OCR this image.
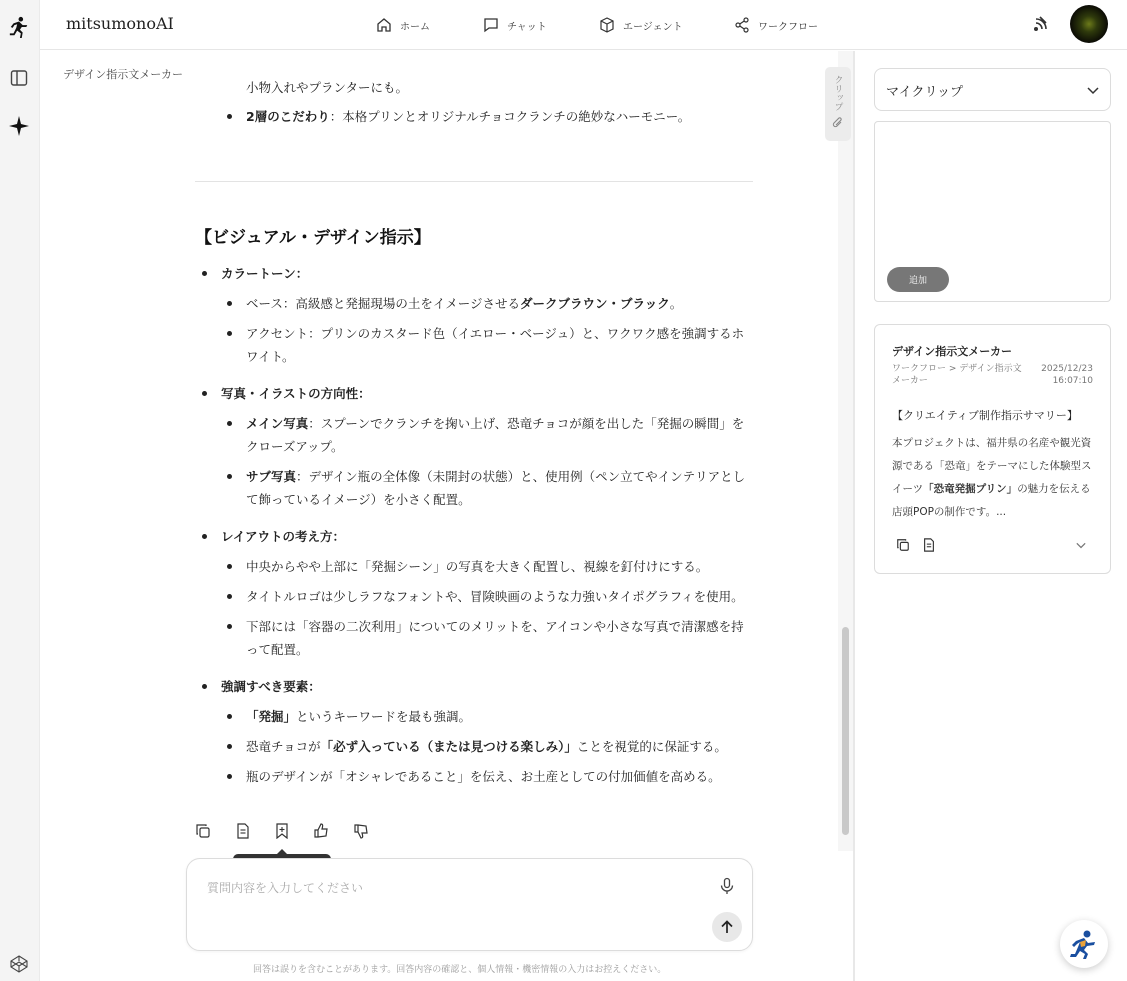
mitsumonoAI	ホーム	チャット	エージェント	ワークフロー
デザイン指示文メーカー
小物入れやプランターにも。
2層のこだわり：本格プリンとオリジナルチョコクランチの絶妙なハーモニー。
【ビジュアル・デザイン指示】
カラートーン：
ベース：高級感と発掘現場の土をイメージさせるダークブラウン・ブラック。
アクセント：プリンのカスタード色（イエロー・ベージュ）と、ワクワク感を強調するホワイト。
写真・イラストの方向性：
メイン写真：スプーンでクランチを掬い上げ、恐竜チョコが顔を出した「発掘の瞬間」をクローズアップ。
サブ写真：デザイン瓶の全体像（未開封の状態）と、使用例（ペン立てやインテリアとして飾っているイメージ）を小さく配置。
レイアウトの考え方：
中央からやや上部に「発掘シーン」の写真を大きく配置し、視線を釘付けにする。
タイトルロゴは少しラフなフォントや、冒険映画のような力強いタイポグラフィを使用。
下部には「容器の二次利用」についてのメリットを、アイコンや小さな写真で清潔感を持って配置。
強調すべき要素：
「発掘」というキーワードを最も強調。
恐竜チョコが「必ず入っている（または見つける楽しみ）」ことを視覚的に保証する。
瓶のデザインが「オシャレであること」を伝え、お土産としての付加価値を高める。
質問内容を入力してください
回答は誤りを含むことがあります。回答内容の確認と、個人情報・機密情報の入力はお控えください。
クリップ	マイクリップ
追加
デザイン指示文メーカー
ワークフロー > デザイン指示文メーカー
2025/12/23 16:07:10
【クリエイティブ制作指示サマリー】
本プロジェクトは、福井県の名産や観光資源である「恐竜」をテーマにした体験型スイーツ「恐竜発掘プリン」の魅力を伝える店頭POPの制作です。...
